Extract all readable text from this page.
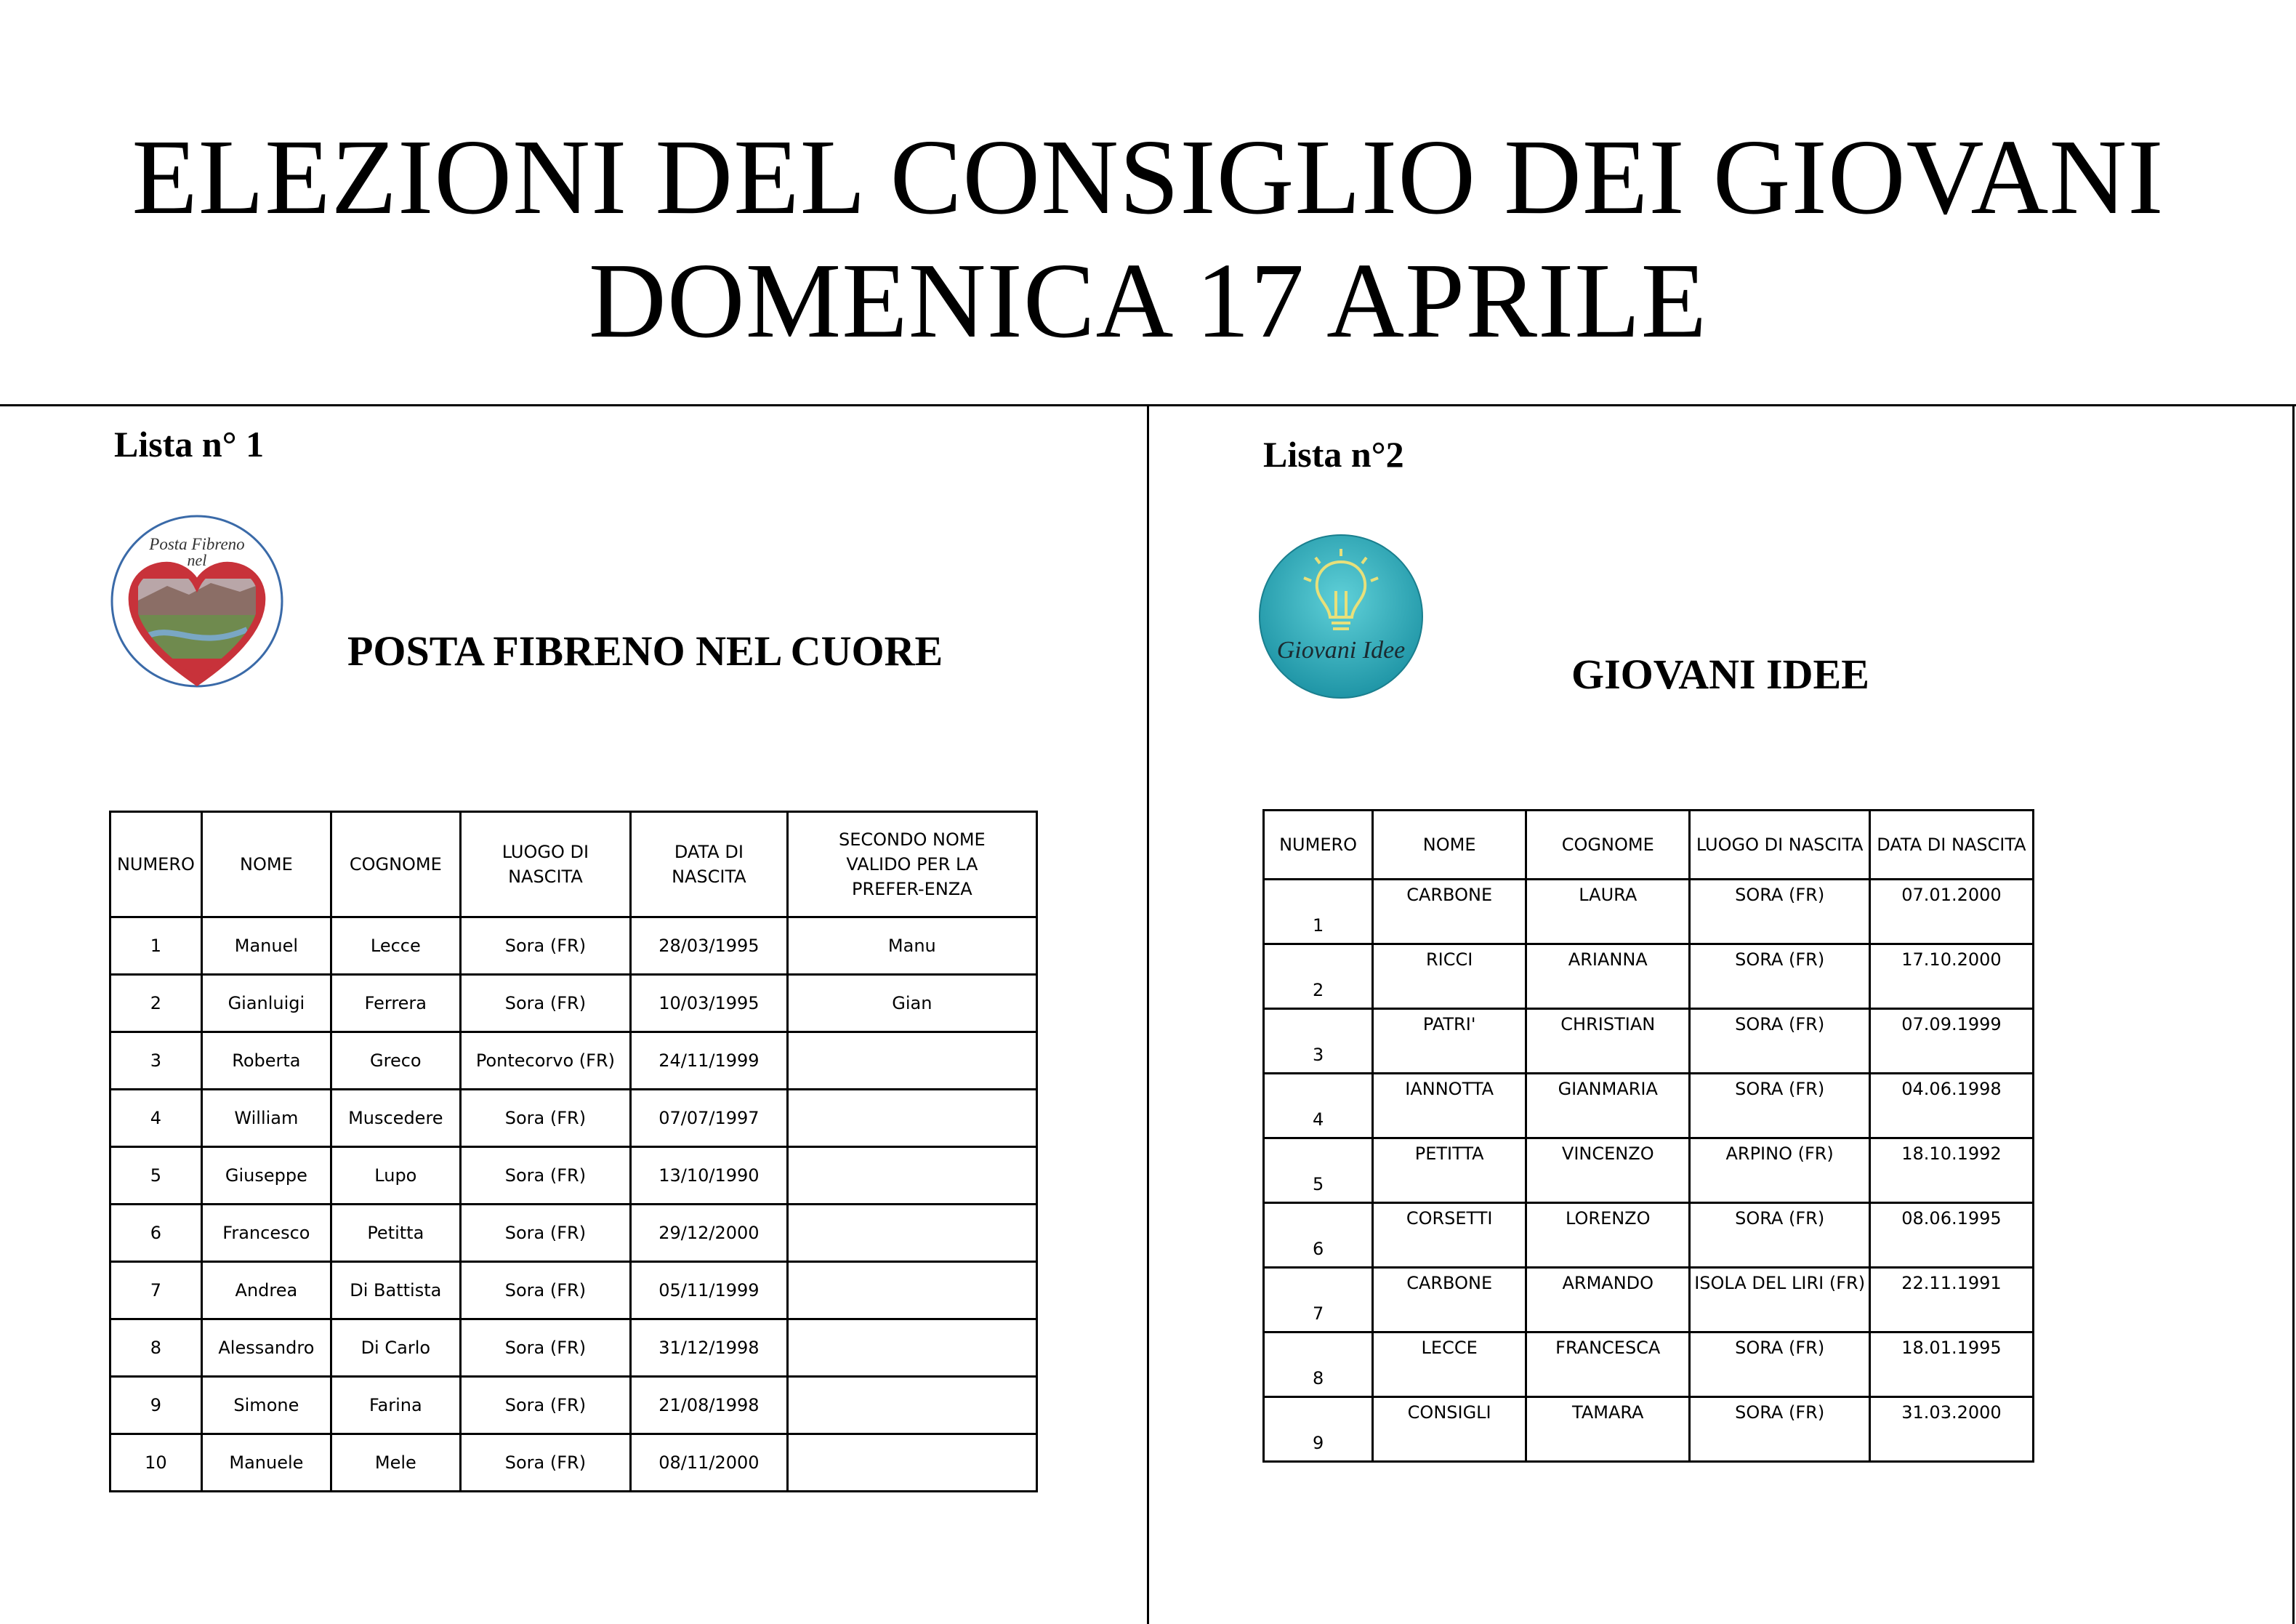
ELEZIONI DEL CONSIGLIO DEI GIOVANI
DOMENICA 17 APRILE
Lista n° 1
Posta Fibreno
nel
POSTA FIBRENO NEL CUORE
NUMERO	NOME	COGNOME	LUOGO DI NASCITA	DATA DI NASCITA	SECONDO NOME VALIDO PER LA PREFER-ENZA
1	Manuel	Lecce	Sora (FR)	28/03/1995	Manu
2	Gianluigi	Ferrera	Sora (FR)	10/03/1995	Gian
3	Roberta	Greco	Pontecorvo (FR)	24/11/1999	
4	William	Muscedere	Sora (FR)	07/07/1997	
5	Giuseppe	Lupo	Sora (FR)	13/10/1990	
6	Francesco	Petitta	Sora (FR)	29/12/2000	
7	Andrea	Di Battista	Sora (FR)	05/11/1999	
8	Alessandro	Di Carlo	Sora (FR)	31/12/1998	
9	Simone	Farina	Sora (FR)	21/08/1998	
10	Manuele	Mele	Sora (FR)	08/11/2000	
Lista n°2
Giovani Idee
GIOVANI IDEE
NUMERO	NOME	COGNOME	LUOGO DI NASCITA	DATA DI NASCITA
1	CARBONE	LAURA	SORA (FR)	07.01.2000
2	RICCI	ARIANNA	SORA (FR)	17.10.2000
3	PATRI'	CHRISTIAN	SORA (FR)	07.09.1999
4	IANNOTTA	GIANMARIA	SORA (FR)	04.06.1998
5	PETITTA	VINCENZO	ARPINO (FR)	18.10.1992
6	CORSETTI	LORENZO	SORA (FR)	08.06.1995
7	CARBONE	ARMANDO	ISOLA DEL LIRI (FR)	22.11.1991
8	LECCE	FRANCESCA	SORA (FR)	18.01.1995
9	CONSIGLI	TAMARA	SORA (FR)	31.03.2000
